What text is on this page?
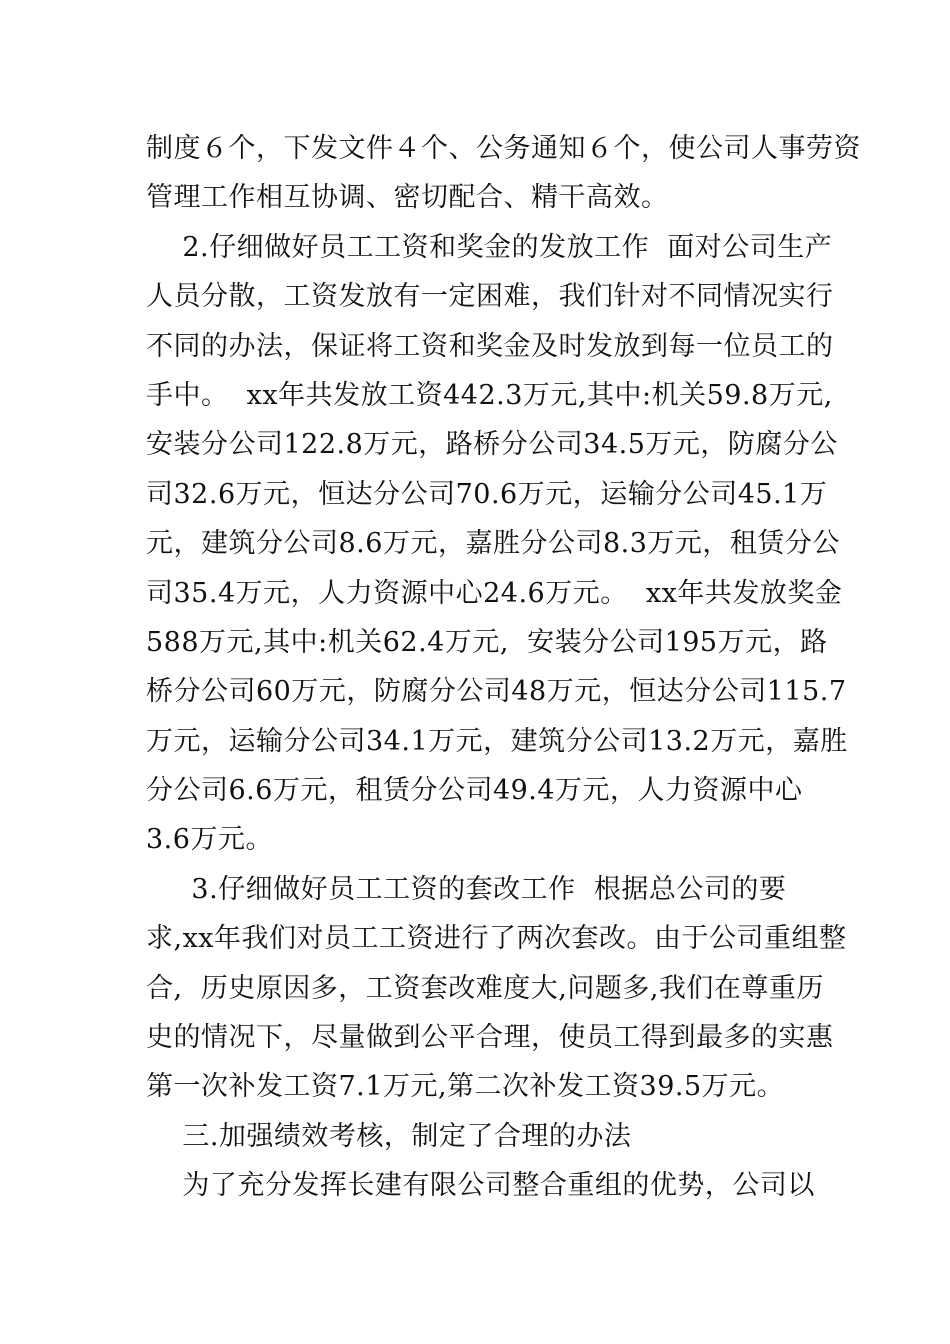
制度６个，下发文件４个、公务通知６个，使公司人事劳资
管理工作相互协调、密切配合、精干高效。
2.仔细做好员工工资和奖金的发放工作  面对公司生产
人员分散，工资发放有一定困难，我们针对不同情况实行
不同的办法，保证将工资和奖金及时发放到每一位员工的
手中。  xx年共发放工资442.3万元,其中:机关59.8万元,
安装分公司122.8万元，路桥分公司34.5万元，防腐分公
司32.6万元，恒达分公司70.6万元，运输分公司45.1万
元，建筑分公司8.6万元，嘉胜分公司8.3万元，租赁分公
司35.4万元，人力资源中心24.6万元。  xx年共发放奖金
588万元,其中:机关62.4万元,  安装分公司195万元，路
桥分公司60万元，防腐分公司48万元，恒达分公司115.7
万元，运输分公司34.1万元，建筑分公司13.2万元，嘉胜
分公司6.6万元，租赁分公司49.4万元，人力资源中心
3.6万元。
3.仔细做好员工工资的套改工作  根据总公司的要
求,xx年我们对员工工资进行了两次套改。由于公司重组整
合,  历史原因多，工资套改难度大,问题多,我们在尊重历
史的情况下，尽量做到公平合理，使员工得到最多的实惠
第一次补发工资7.1万元,第二次补发工资39.5万元。
三.加强绩效考核，制定了合理的办法
为了充分发挥长建有限公司整合重组的优势，公司以
